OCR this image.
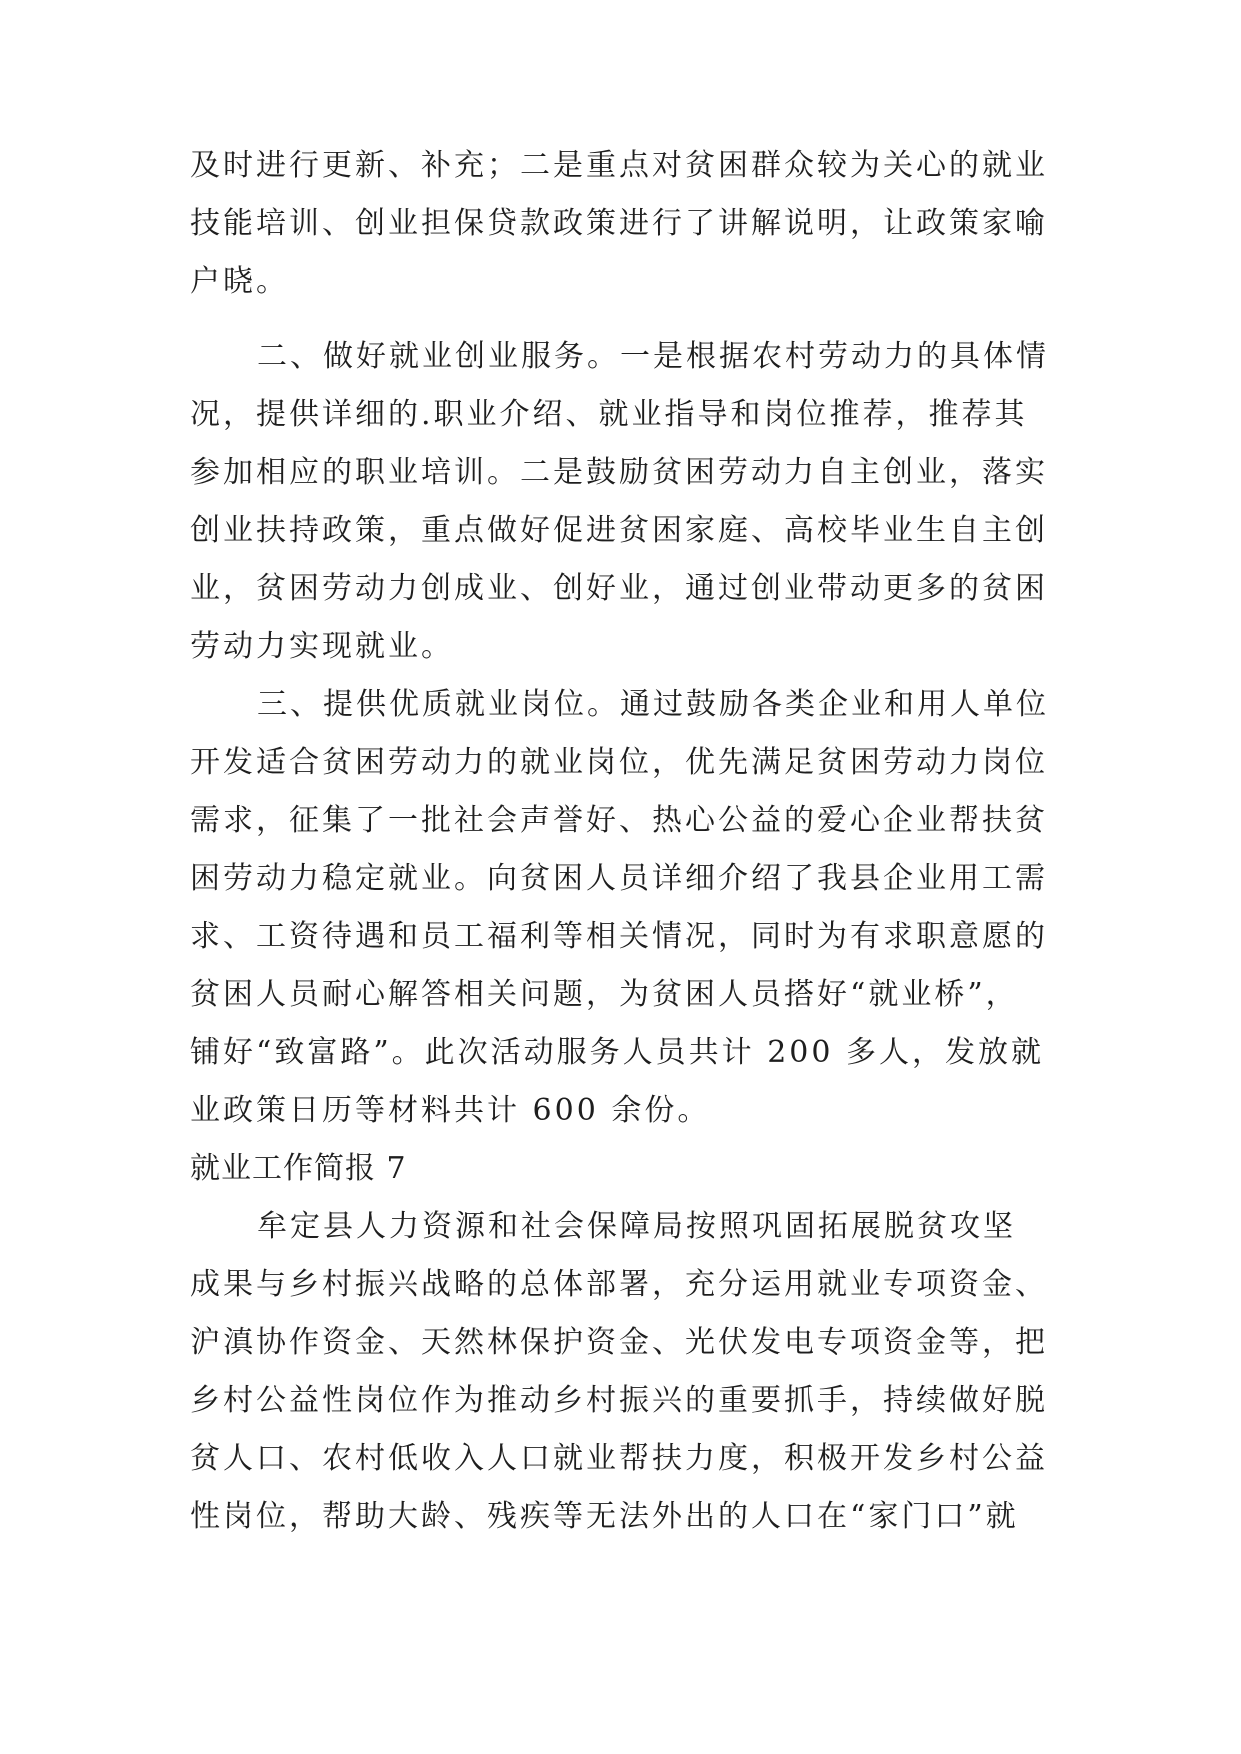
及时进行更新、补充；二是重点对贫困群众较为关心的就业
技能培训、创业担保贷款政策进行了讲解说明，让政策家喻
户晓。
二、做好就业创业服务。一是根据农村劳动力的具体情
况，提供详细的.职业介绍、就业指导和岗位推荐，推荐其
参加相应的职业培训。二是鼓励贫困劳动力自主创业，落实
创业扶持政策，重点做好促进贫困家庭、高校毕业生自主创
业，贫困劳动力创成业、创好业，通过创业带动更多的贫困
劳动力实现就业。
三、提供优质就业岗位。通过鼓励各类企业和用人单位
开发适合贫困劳动力的就业岗位，优先满足贫困劳动力岗位
需求，征集了一批社会声誉好、热心公益的爱心企业帮扶贫
困劳动力稳定就业。向贫困人员详细介绍了我县企业用工需
求、工资待遇和员工福利等相关情况，同时为有求职意愿的
贫困人员耐心解答相关问题，为贫困人员搭好“就业桥”，
铺好“致富路”。此次活动服务人员共计 200 多人，发放就
业政策日历等材料共计 600 余份。
就业工作简报 7
牟定县人力资源和社会保障局按照巩固拓展脱贫攻坚
成果与乡村振兴战略的总体部署，充分运用就业专项资金、
沪滇协作资金、天然林保护资金、光伏发电专项资金等，把
乡村公益性岗位作为推动乡村振兴的重要抓手，持续做好脱
贫人口、农村低收入人口就业帮扶力度，积极开发乡村公益
性岗位，帮助大龄、残疾等无法外出的人口在“家门口”就
